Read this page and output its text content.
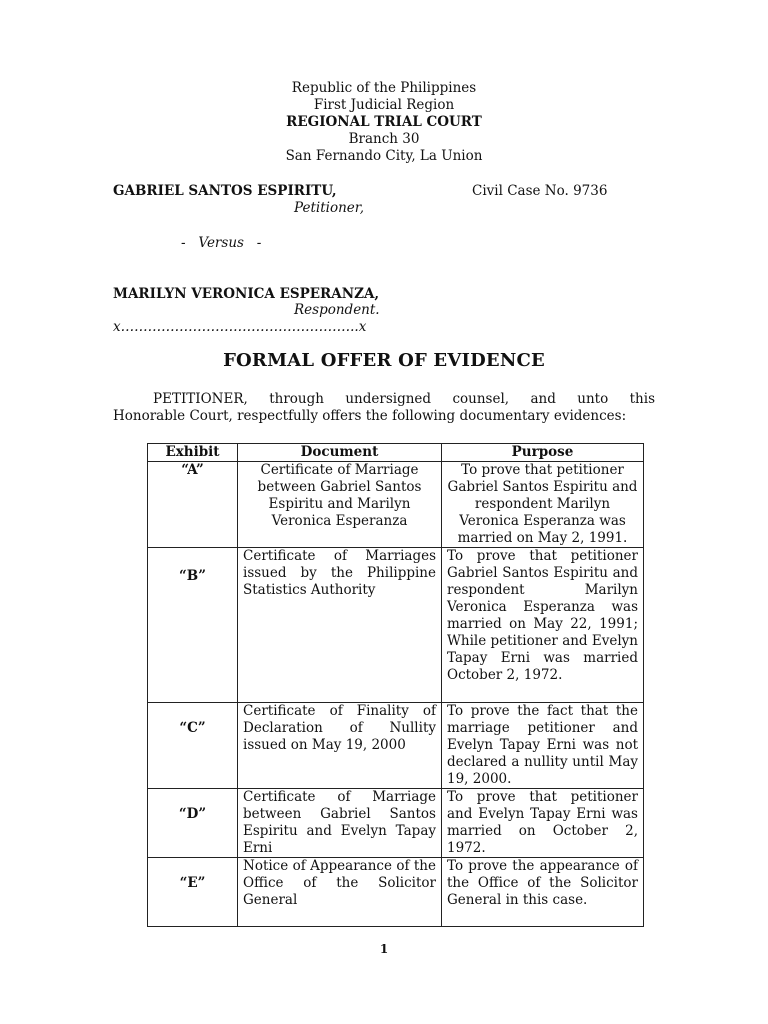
Republic of the Philippines
First Judicial Region
REGIONAL TRIAL COURT
Branch 30
San Fernando City, La Union
GABRIEL SANTOS ESPIRITU,	Civil Case No. 9736
Petitioner,
-   Versus   -
MARILYN VERONICA ESPERANZA,
Respondent.
x……………………………………………..x
FORMAL OFFER OF EVIDENCE
PETITIONER, through undersigned counsel, and unto this
Honorable Court, respectfully offers the following documentary evidences:
Exhibit	Document	Purpose
“A”	Certificate of Marriage between Gabriel Santos Espiritu and Marilyn Veronica Esperanza	To prove that petitioner Gabriel Santos Espiritu and respondent Marilyn Veronica Esperanza was married on May 2, 1991.
“B”	Certificate of Marriages issued by the Philippine Statistics Authority	To prove that petitioner Gabriel Santos Espiritu and respondent Marilyn Veronica Esperanza was married on May 22, 1991; While petitioner and Evelyn Tapay Erni was married October 2, 1972.
“C”	Certificate of Finality of Declaration of Nullity issued on May 19, 2000	To prove the fact that the marriage petitioner and Evelyn Tapay Erni was not declared a nullity until May 19, 2000.
“D”	Certificate of Marriage between Gabriel Santos Espiritu and Evelyn Tapay Erni	To prove that petitioner and Evelyn Tapay Erni was married on October 2, 1972.
“E”	Notice of Appearance of the Office of the Solicitor General	To prove the appearance of the Office of the Solicitor General in this case.
1
